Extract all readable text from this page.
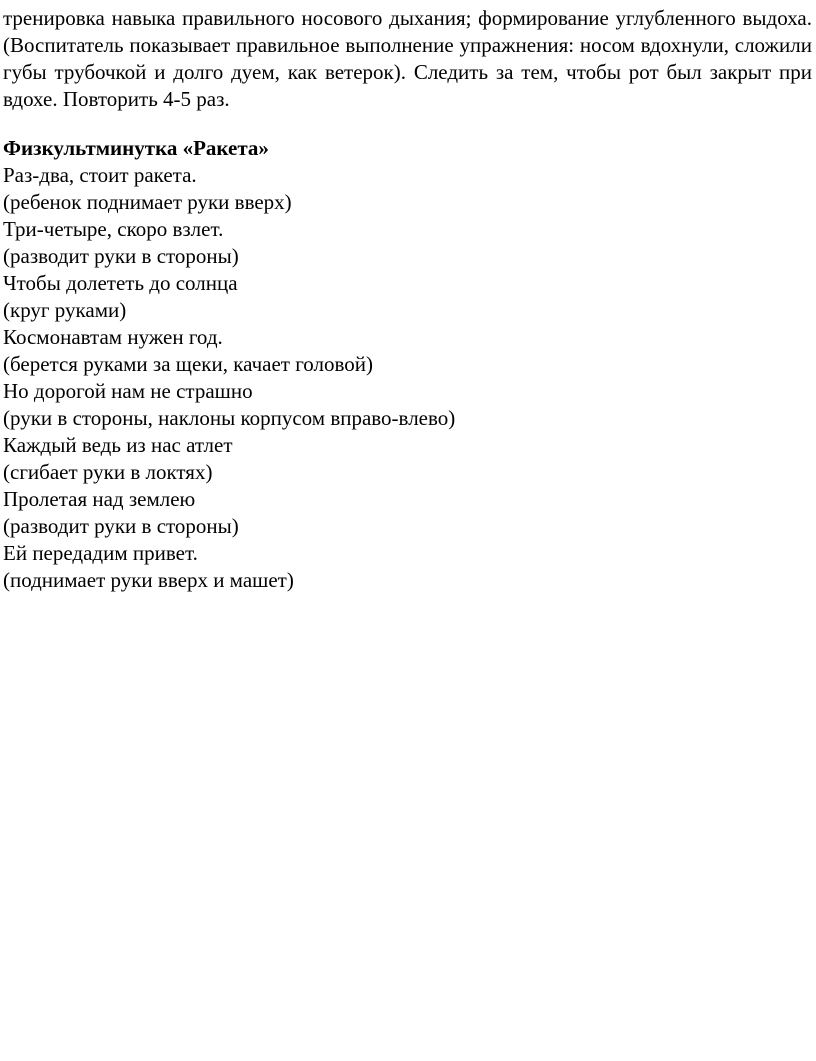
тренировка навыка правильного носового дыхания; формирование углубленного выдоха. (Воспитатель показывает правильное выполнение упражнения: носом вдохнули, сложили губы трубочкой и долго дуем, как ветерок). Следить за тем, чтобы рот был закрыт при вдохе. Повторить 4-5 раз.

Физкультминутка «Ракета»

Раз-два, стоит ракета.
(ребенок поднимает руки вверх)
Три-четыре, скоро взлет.
(разводит руки в стороны)
Чтобы долететь до солнца
(круг руками)
Космонавтам нужен год.
(берется руками за щеки, качает головой)
Но дорогой нам не страшно
(руки в стороны, наклоны корпусом вправо-влево)
Каждый ведь из нас атлет
(сгибает руки в локтях)
Пролетая над землею
(разводит руки в стороны)
Ей передадим привет.
(поднимает руки вверх и машет)
